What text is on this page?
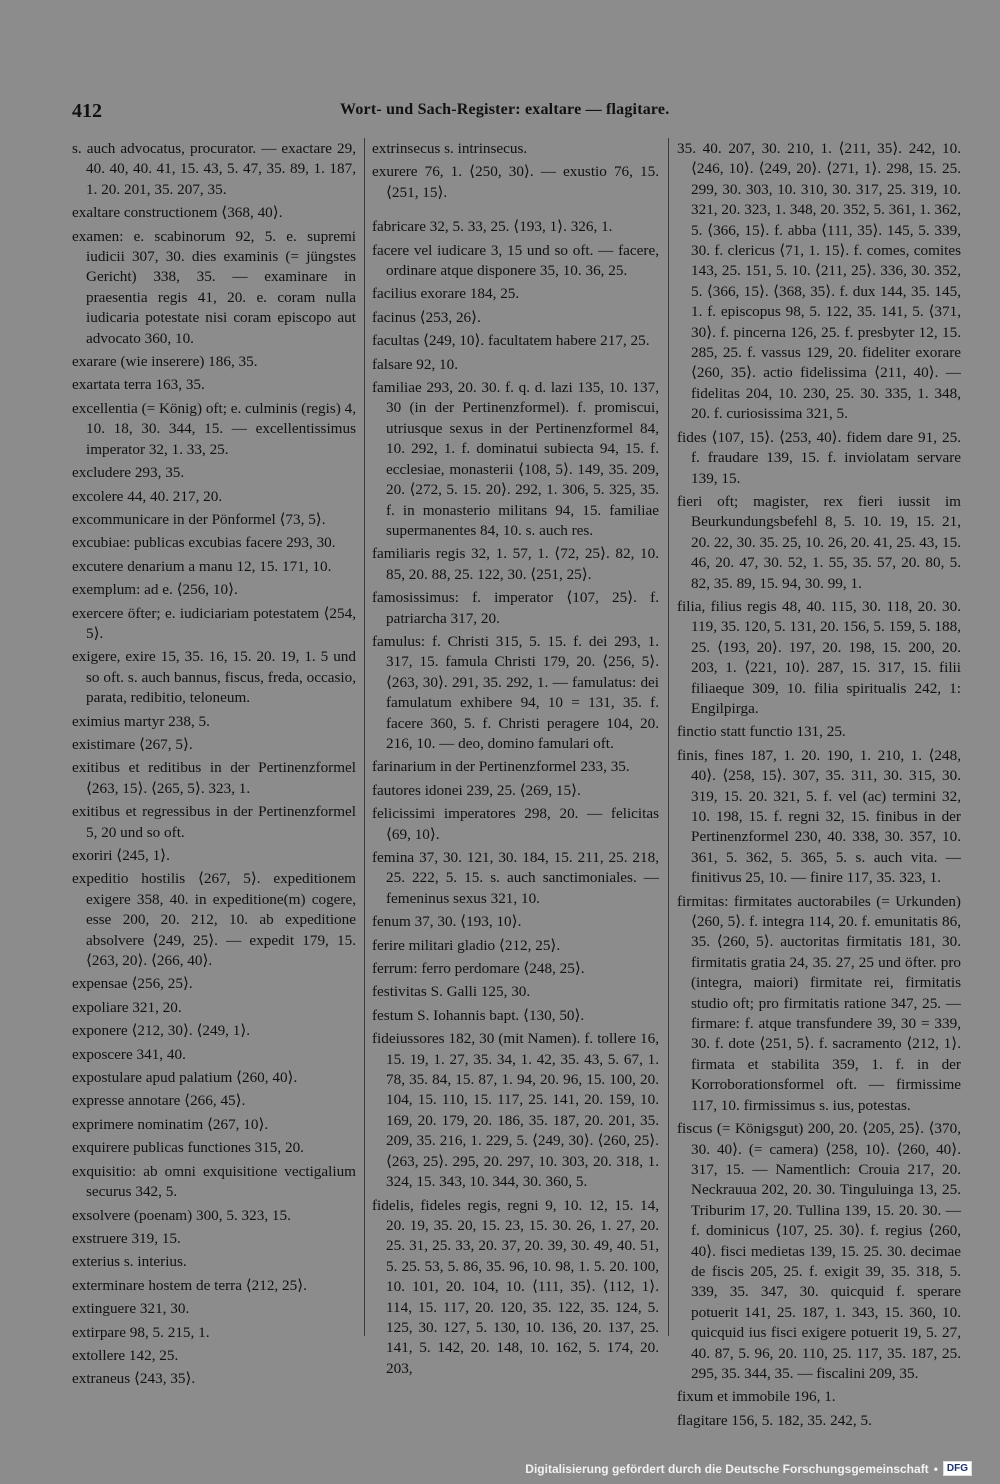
412	Wort- und Sach-Register: exaltare — flagitare.

s. auch advocatus, procurator. — exactare 29, 40. 40, 40. 41, 15. 43, 5. 47, 35. 89, 1. 187, 1. 20. 201, 35. 207, 35.

exaltare constructionem ⟨368, 40⟩.

examen: e. scabinorum 92, 5. e. supremi iudicii 307, 30. dies examinis (= jüngstes Gericht) 338, 35. — examinare in praesentia regis 41, 20. e. coram nulla iudicaria potestate nisi coram episcopo aut advocato 360, 10.

exarare (wie inserere) 186, 35.

exartata terra 163, 35.

excellentia (= König) oft; e. culminis (regis) 4, 10. 18, 30. 344, 15. — excellentissimus imperator 32, 1. 33, 25.

excludere 293, 35.

excolere 44, 40. 217, 20.

excommunicare in der Pönformel ⟨73, 5⟩.

excubiae: publicas excubias facere 293, 30.

excutere denarium a manu 12, 15. 171, 10.

exemplum: ad e. ⟨256, 10⟩.

exercere öfter; e. iudiciariam potestatem ⟨254, 5⟩.

exigere, exire 15, 35. 16, 15. 20. 19, 1. 5 und so oft. s. auch bannus, fiscus, freda, occasio, parata, redibitio, teloneum.

eximius martyr 238, 5.

existimare ⟨267, 5⟩.

exitibus et reditibus in der Pertinenzformel ⟨263, 15⟩. ⟨265, 5⟩. 323, 1.

exitibus et regressibus in der Pertinenzformel 5, 20 und so oft.

exoriri ⟨245, 1⟩.

expeditio hostilis ⟨267, 5⟩. expeditionem exigere 358, 40. in expeditione(m) cogere, esse 200, 20. 212, 10. ab expeditione absolvere ⟨249, 25⟩. — expedit 179, 15. ⟨263, 20⟩. ⟨266, 40⟩.

expensae ⟨256, 25⟩.

expoliare 321, 20.

exponere ⟨212, 30⟩. ⟨249, 1⟩.

exposcere 341, 40.

expostulare apud palatium ⟨260, 40⟩.

expresse annotare ⟨266, 45⟩.

exprimere nominatim ⟨267, 10⟩.

exquirere publicas functiones 315, 20.

exquisitio: ab omni exquisitione vectigalium securus 342, 5.

exsolvere (poenam) 300, 5. 323, 15.

exstruere 319, 15.

exterius s. interius.

exterminare hostem de terra ⟨212, 25⟩.

extinguere 321, 30.

extirpare 98, 5. 215, 1.

extollere 142, 25.

extraneus ⟨243, 35⟩.

extrinsecus s. intrinsecus.

exurere 76, 1. ⟨250, 30⟩. — exustio 76, 15. ⟨251, 15⟩.

fabricare 32, 5. 33, 25. ⟨193, 1⟩. 326, 1.

facere vel iudicare 3, 15 und so oft. — facere, ordinare atque disponere 35, 10. 36, 25.

facilius exorare 184, 25.

facinus ⟨253, 26⟩.

facultas ⟨249, 10⟩. facultatem habere 217, 25.

falsare 92, 10.

familiae 293, 20. 30. f. q. d. lazi 135, 10. 137, 30 (in der Pertinenzformel). f. promiscui, utriusque sexus in der Pertinenzformel 84, 10. 292, 1. f. dominatui subiecta 94, 15. f. ecclesiae, monasterii ⟨108, 5⟩. 149, 35. 209, 20. ⟨272, 5. 15. 20⟩. 292, 1. 306, 5. 325, 35. f. in monasterio militans 94, 15. familiae supermanentes 84, 10. s. auch res.

familiaris regis 32, 1. 57, 1. ⟨72, 25⟩. 82, 10. 85, 20. 88, 25. 122, 30. ⟨251, 25⟩.

famosissimus: f. imperator ⟨107, 25⟩. f. patriarcha 317, 20.

famulus: f. Christi 315, 5. 15. f. dei 293, 1. 317, 15. famula Christi 179, 20. ⟨256, 5⟩. ⟨263, 30⟩. 291, 35. 292, 1. — famulatus: dei famulatum exhibere 94, 10 = 131, 35. f. facere 360, 5. f. Christi peragere 104, 20. 216, 10. — deo, domino famulari oft.

farinarium in der Pertinenzformel 233, 35.

fautores idonei 239, 25. ⟨269, 15⟩.

felicissimi imperatores 298, 20. — felicitas ⟨69, 10⟩.

femina 37, 30. 121, 30. 184, 15. 211, 25. 218, 25. 222, 5. 15. s. auch sanctimoniales. — femeninus sexus 321, 10.

fenum 37, 30. ⟨193, 10⟩.

ferire militari gladio ⟨212, 25⟩.

ferrum: ferro perdomare ⟨248, 25⟩.

festivitas S. Galli 125, 30.

festum S. Iohannis bapt. ⟨130, 50⟩.

fideiussores 182, 30 (mit Namen). f. tollere 16, 15. 19, 1. 27, 35. 34, 1. 42, 35. 43, 5. 67, 1. 78, 35. 84, 15. 87, 1. 94, 20. 96, 15. 100, 20. 104, 15. 110, 15. 117, 25. 141, 20. 159, 10. 169, 20. 179, 20. 186, 35. 187, 20. 201, 35. 209, 35. 216, 1. 229, 5. ⟨249, 30⟩. ⟨260, 25⟩. ⟨263, 25⟩. 295, 20. 297, 10. 303, 20. 318, 1. 324, 15. 343, 10. 344, 30. 360, 5.

fidelis, fideles regis, regni 9, 10. 12, 15. 14, 20. 19, 35. 20, 15. 23, 15. 30. 26, 1. 27, 20. 25. 31, 25. 33, 20. 37, 20. 39, 30. 49, 40. 51, 5. 25. 53, 5. 86, 35. 96, 10. 98, 1. 5. 20. 100, 10. 101, 20. 104, 10. ⟨111, 35⟩. ⟨112, 1⟩. 114, 15. 117, 20. 120, 35. 122, 35. 124, 5. 125, 30. 127, 5. 130, 10. 136, 20. 137, 25. 141, 5. 142, 20. 148, 10. 162, 5. 174, 20. 203,

35. 40. 207, 30. 210, 1. ⟨211, 35⟩. 242, 10. ⟨246, 10⟩. ⟨249, 20⟩. ⟨271, 1⟩. 298, 15. 25. 299, 30. 303, 10. 310, 30. 317, 25. 319, 10. 321, 20. 323, 1. 348, 20. 352, 5. 361, 1. 362, 5. ⟨366, 15⟩. f. abba ⟨111, 35⟩. 145, 5. 339, 30. f. clericus ⟨71, 1. 15⟩. f. comes, comites 143, 25. 151, 5. 10. ⟨211, 25⟩. 336, 30. 352, 5. ⟨366, 15⟩. ⟨368, 35⟩. f. dux 144, 35. 145, 1. f. episcopus 98, 5. 122, 35. 141, 5. ⟨371, 30⟩. f. pincerna 126, 25. f. presbyter 12, 15. 285, 25. f. vassus 129, 20. fideliter exorare ⟨260, 35⟩. actio fidelissima ⟨211, 40⟩. — fidelitas 204, 10. 230, 25. 30. 335, 1. 348, 20. f. curiosissima 321, 5.

fides ⟨107, 15⟩. ⟨253, 40⟩. fidem dare 91, 25. f. fraudare 139, 15. f. inviolatam servare 139, 15.

fieri oft; magister, rex fieri iussit im Beurkundungsbefehl 8, 5. 10. 19, 15. 21, 20. 22, 30. 35. 25, 10. 26, 20. 41, 25. 43, 15. 46, 20. 47, 30. 52, 1. 55, 35. 57, 20. 80, 5. 82, 35. 89, 15. 94, 30. 99, 1.

filia, filius regis 48, 40. 115, 30. 118, 20. 30. 119, 35. 120, 5. 131, 20. 156, 5. 159, 5. 188, 25. ⟨193, 20⟩. 197, 20. 198, 15. 200, 20. 203, 1. ⟨221, 10⟩. 287, 15. 317, 15. filii filiaeque 309, 10. filia spiritualis 242, 1: Engilpirga.

finctio statt functio 131, 25.

finis, fines 187, 1. 20. 190, 1. 210, 1. ⟨248, 40⟩. ⟨258, 15⟩. 307, 35. 311, 30. 315, 30. 319, 15. 20. 321, 5. f. vel (ac) termini 32, 10. 198, 15. f. regni 32, 15. finibus in der Pertinenzformel 230, 40. 338, 30. 357, 10. 361, 5. 362, 5. 365, 5. s. auch vita. — finitivus 25, 10. — finire 117, 35. 323, 1.

firmitas: firmitates auctorabiles (= Urkunden) ⟨260, 5⟩. f. integra 114, 20. f. emunitatis 86, 35. ⟨260, 5⟩. auctoritas firmitatis 181, 30. firmitatis gratia 24, 35. 27, 25 und öfter. pro (integra, maiori) firmitate rei, firmitatis studio oft; pro firmitatis ratione 347, 25. — firmare: f. atque transfundere 39, 30 = 339, 30. f. dote ⟨251, 5⟩. f. sacramento ⟨212, 1⟩. firmata et stabilita 359, 1. f. in der Korroborationsformel oft. — firmissime 117, 10. firmissimus s. ius, potestas.

fiscus (= Königsgut) 200, 20. ⟨205, 25⟩. ⟨370, 30. 40⟩. (= camera) ⟨258, 10⟩. ⟨260, 40⟩. 317, 15. — Namentlich: Crouia 217, 20. Neckrauua 202, 20. 30. Tinguluinga 13, 25. Triburim 17, 20. Tullina 139, 15. 20. 30. — f. dominicus ⟨107, 25. 30⟩. f. regius ⟨260, 40⟩. fisci medietas 139, 15. 25. 30. decimae de fiscis 205, 25. f. exigit 39, 35. 318, 5. 339, 35. 347, 30. quicquid f. sperare potuerit 141, 25. 187, 1. 343, 15. 360, 10. quicquid ius fisci exigere potuerit 19, 5. 27, 40. 87, 5. 96, 20. 110, 25. 117, 35. 187, 25. 295, 35. 344, 35. — fiscalini 209, 35.

fixum et immobile 196, 1.

flagitare 156, 5. 182, 35. 242, 5.

Digitalisierung gefördert durch die Deutsche Forschungsgemeinschaft • DFG
